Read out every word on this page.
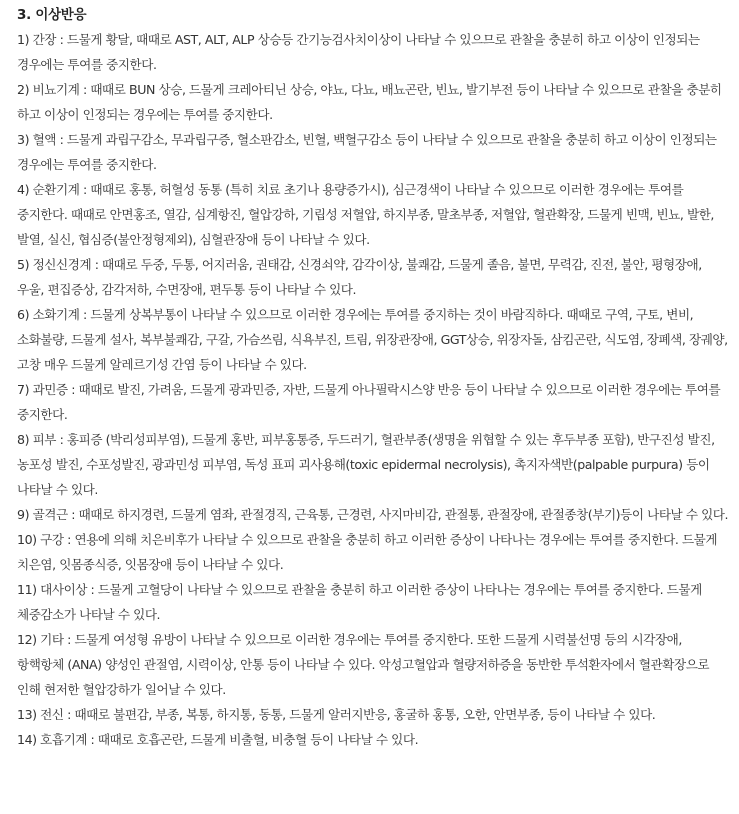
3. 이상반응

1) 간장 : 드물게 황달, 때때로 AST, ALT, ALP 상승등 간기능검사치이상이 나타날 수 있으므로 관찰을 충분히 하고 이상이 인정되는 경우에는 투여를 중지한다.

2) 비뇨기계 : 때때로 BUN 상승, 드물게 크레아티닌 상승, 야뇨, 다뇨, 배뇨곤란, 빈뇨, 발기부전 등이 나타날 수 있으므로 관찰을 충분히 하고 이상이 인정되는 경우에는 투여를 중지한다.

3) 혈액 : 드물게 과립구감소, 무과립구증, 혈소판감소, 빈혈, 백혈구감소 등이 나타날 수 있으므로 관찰을 충분히 하고 이상이 인정되는 경우에는 투여를 중지한다.

4) 순환기계 : 때때로 홍통, 허혈성 동통 (특히 치료 초기나 용량증가시), 심근경색이 나타날 수 있으므로 이러한 경우에는 투여를 중지한다. 때때로 안면홍조, 열감, 심계항진, 혈압강하, 기립성 저혈압, 하지부종, 말초부종, 저혈압, 혈관확장, 드물게 빈맥, 빈뇨, 발한, 발열, 실신, 협심증(불안정형제외), 심혈관장애 등이 나타날 수 있다.

5) 정신신경계 : 때때로 두중, 두통, 어지러움, 권태감, 신경쇠약, 감각이상, 불쾌감, 드물게 졸음, 불면, 무력감, 진전, 불안, 평형장애, 우울, 편집증상, 감각저하, 수면장애, 편두통 등이 나타날 수 있다.

6) 소화기계 : 드물게 상복부통이 나타날 수 있으므로 이러한 경우에는 투여를 중지하는 것이 바람직하다. 때때로 구역, 구토, 변비, 소화불량, 드물게 설사, 복부불쾌감, 구갈, 가슴쓰림, 식욕부진, 트림, 위장관장애, GGT상승, 위장자돌, 삼킴곤란, 식도염, 장폐색, 장궤양, 고창 매우 드물게 알레르기성 간염 등이 나타날 수 있다.

7) 과민증 : 때때로 발진, 가려움, 드물게 광과민증, 자반, 드물게 아나필락시스양 반응 등이 나타날 수 있으므로 이러한 경우에는 투여를 중지한다.

8) 피부 : 홍피증 (박리성피부염), 드물게 홍반, 피부홍통증, 두드러기, 혈관부종(생명을 위협할 수 있는 후두부종 포함), 반구진성 발진, 농포성 발진, 수포성발진, 광과민성 피부염, 독성 표피 괴사용해(toxic epidermal necrolysis), 촉지자색반(palpable purpura) 등이 나타날 수 있다.

9) 골격근 : 때때로 하지경련, 드물게 염좌, 관절경직, 근육통, 근경련, 사지마비감, 관절통, 관절장애, 관절종창(부기)등이 나타날 수 있다.

10) 구강 : 연용에 의해 치은비후가 나타날 수 있으므로 관찰을 충분히 하고 이러한 증상이 나타나는 경우에는 투여를 중지한다. 드물게 치은염, 잇몸종식증, 잇몸장애 등이 나타날 수 있다.

11) 대사이상 : 드물게 고혈당이 나타날 수 있으므로 관찰을 충분히 하고 이러한 증상이 나타나는 경우에는 투여를 중지한다. 드물게 체중감소가 나타날 수 있다.

12) 기타 : 드물게 여성형 유방이 나타날 수 있으므로 이러한 경우에는 투여를 중지한다. 또한 드물게 시력불선명 등의 시각장애, 항핵항체 (ANA) 양성인 관절염, 시력이상, 안통 등이 나타날 수 있다. 악성고혈압과 혈량저하증을 동반한 투석환자에서 혈관확장으로 인해 현저한 혈압강하가 일어날 수 있다.

13) 전신 : 때때로 불편감, 부종, 복통, 하지통, 동통, 드물게 알러지반응, 홍굴하 홍통, 오한, 안면부종, 등이 나타날 수 있다.

14) 호흡기계 : 때때로 호흡곤란, 드물게 비출혈, 비충혈 등이 나타날 수 있다.
